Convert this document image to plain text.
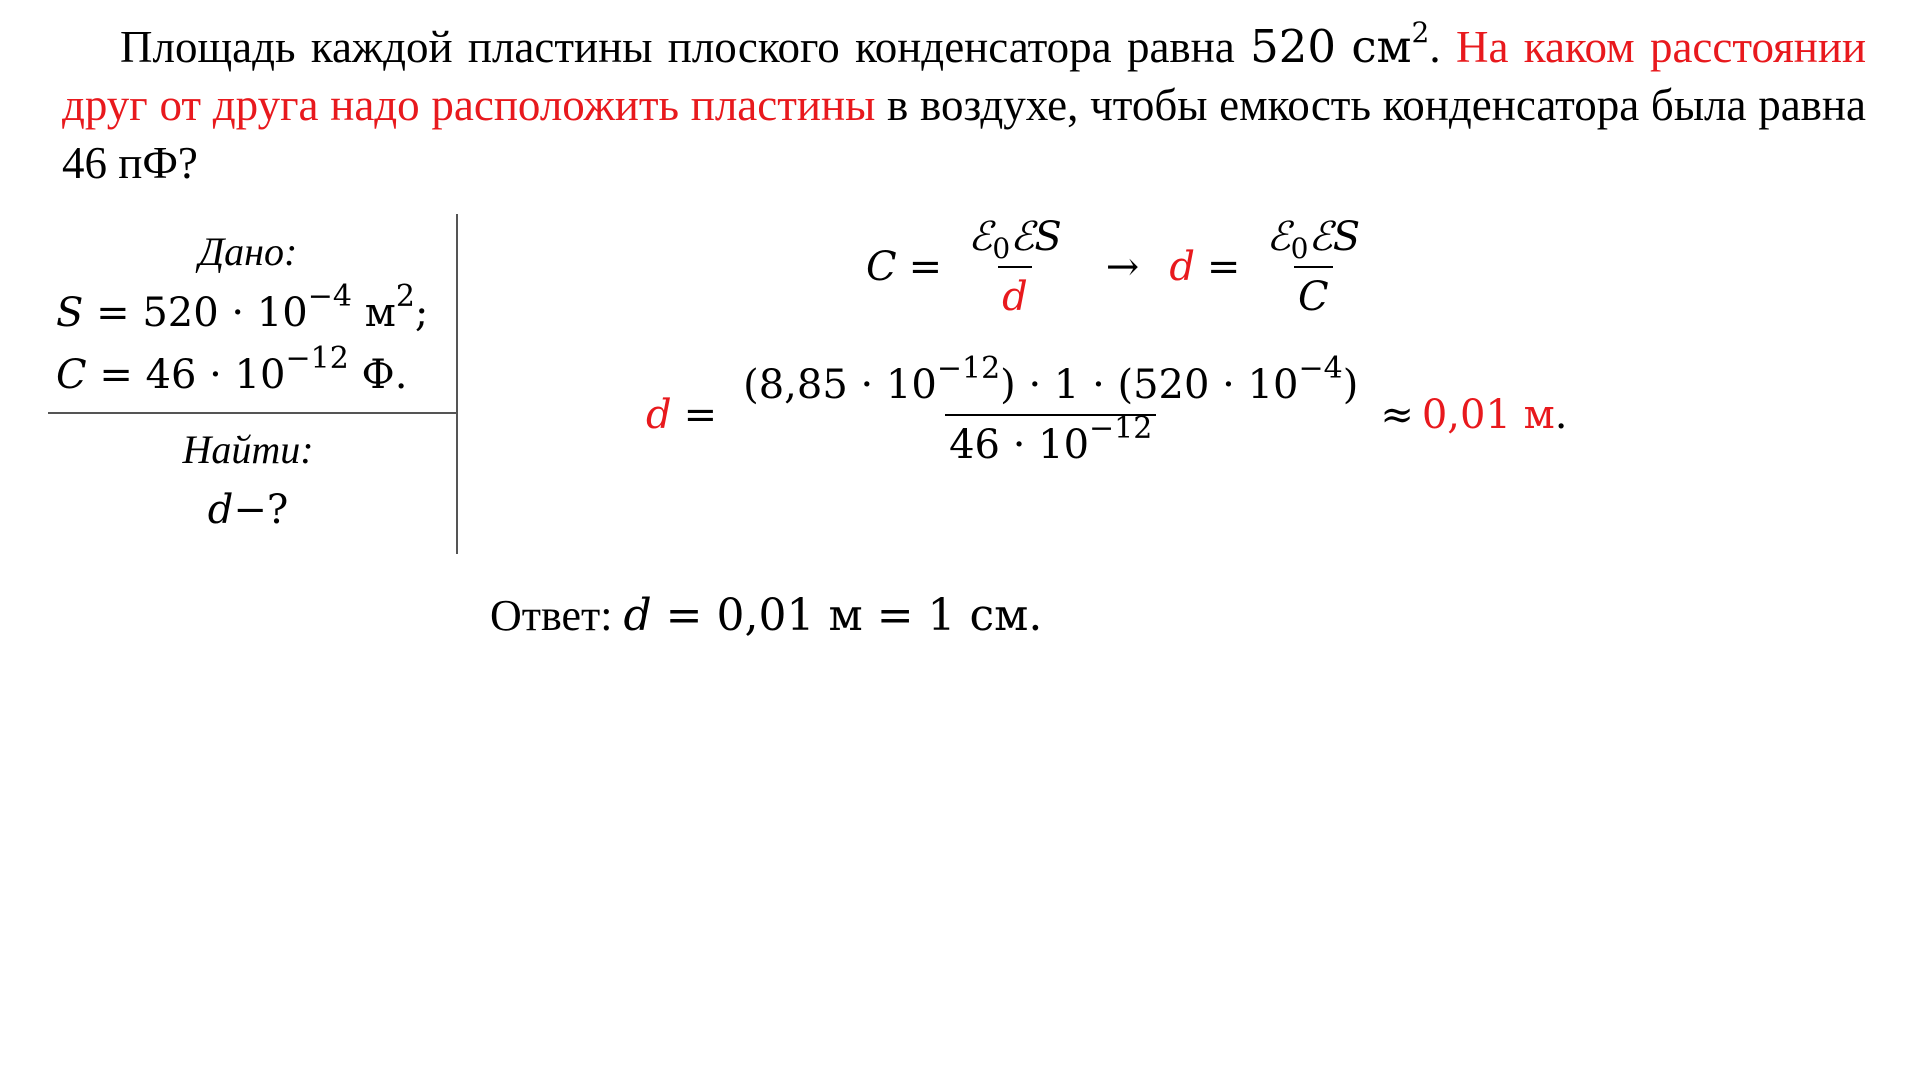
Площадь каждой пластины плоского конденсатора равна 520 $см^2$. На каком расстоянии друг от друга надо расположить пластины в воздухе, чтобы емкость конденсатора была равна 46 пФ?
Дано:
$S = 520 \cdot 10^{-4}$ $м^2$;
$C = 46 \cdot 10^{-12}$ Ф.
Найти:
d−?
$C = \frac{ℰ_0ℰS}{d} \to d = \frac{ℰ_0ℰS}{C}$
$d = \frac{(8,85 \cdot 10^{-12}) \cdot 1 \cdot (520 \cdot 10^{-4})}{46 \cdot 10^{-12}} \approx 0,01$ м .
Ответ: d = 0,01 м = 1 см.
